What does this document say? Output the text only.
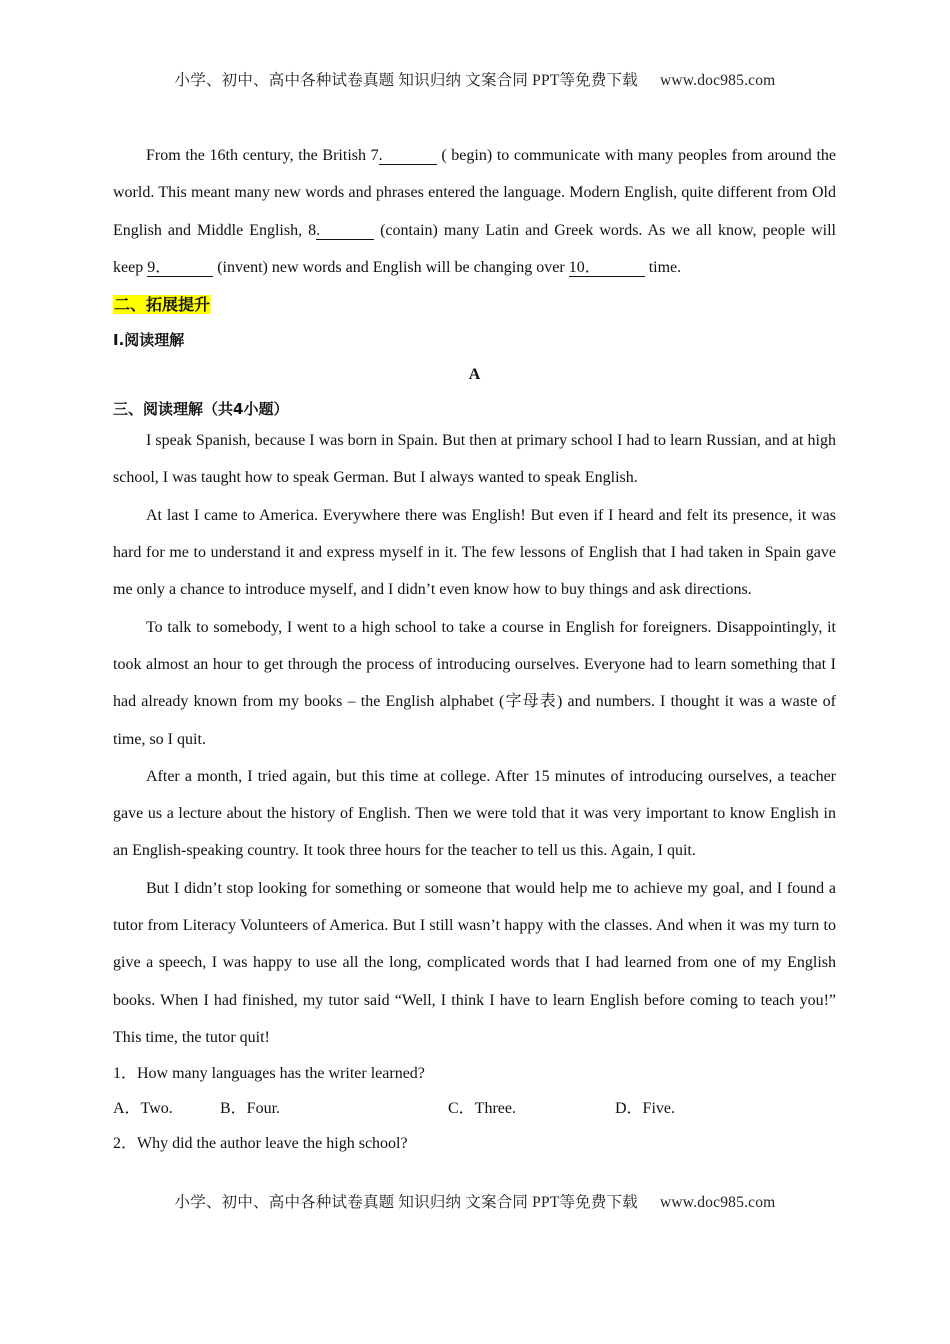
小学、初中、高中各种试卷真题 知识归纳 文案合同 PPT等免费下载 www.doc985.com

From the 16th century, the British 7.	( begin) to communicate with many peoples from around the world. This meant many new words and phrases entered the language. Modern English, quite different from Old English and Middle English, 8.	(contain) many Latin and Greek words. As we all know, people will keep 9．	(invent) new words and English will be changing over 10．	time.

二、拓展提升
I.阅读理解
A
三、阅读理解（共4小题）

I speak Spanish, because I was born in Spain. But then at primary school I had to learn Russian, and at high school, I was taught how to speak German. But I always wanted to speak English.

At last I came to America. Everywhere there was English! But even if I heard and felt its presence, it was hard for me to understand it and express myself in it. The few lessons of English that I had taken in Spain gave me only a chance to introduce myself, and I didn’t even know how to buy things and ask directions.

To talk to somebody, I went to a high school to take a course in English for foreigners. Disappointingly, it took almost an hour to get through the process of introducing ourselves. Everyone had to learn something that I had already known from my books – the English alphabet (字母表) and numbers. I thought it was a waste of time, so I quit.

After a month, I tried again, but this time at college. After 15 minutes of introducing ourselves, a teacher gave us a lecture about the history of English. Then we were told that it was very important to know English in an English-speaking country. It took three hours for the teacher to tell us this. Again, I quit.

But I didn’t stop looking for something or someone that would help me to achieve my goal, and I found a tutor from Literacy Volunteers of America. But I still wasn’t happy with the classes. And when it was my turn to give a speech, I was happy to use all the long, complicated words that I had learned from one of my English books. When I had finished, my tutor said “Well, I think I have to learn English before coming to teach you!” This time, the tutor quit!

1．How many languages has the writer learned?
A．Two.	B．Four.	C．Three.	D．Five.
2．Why did the author leave the high school?
小学、初中、高中各种试卷真题 知识归纳 文案合同 PPT等免费下载 www.doc985.com
